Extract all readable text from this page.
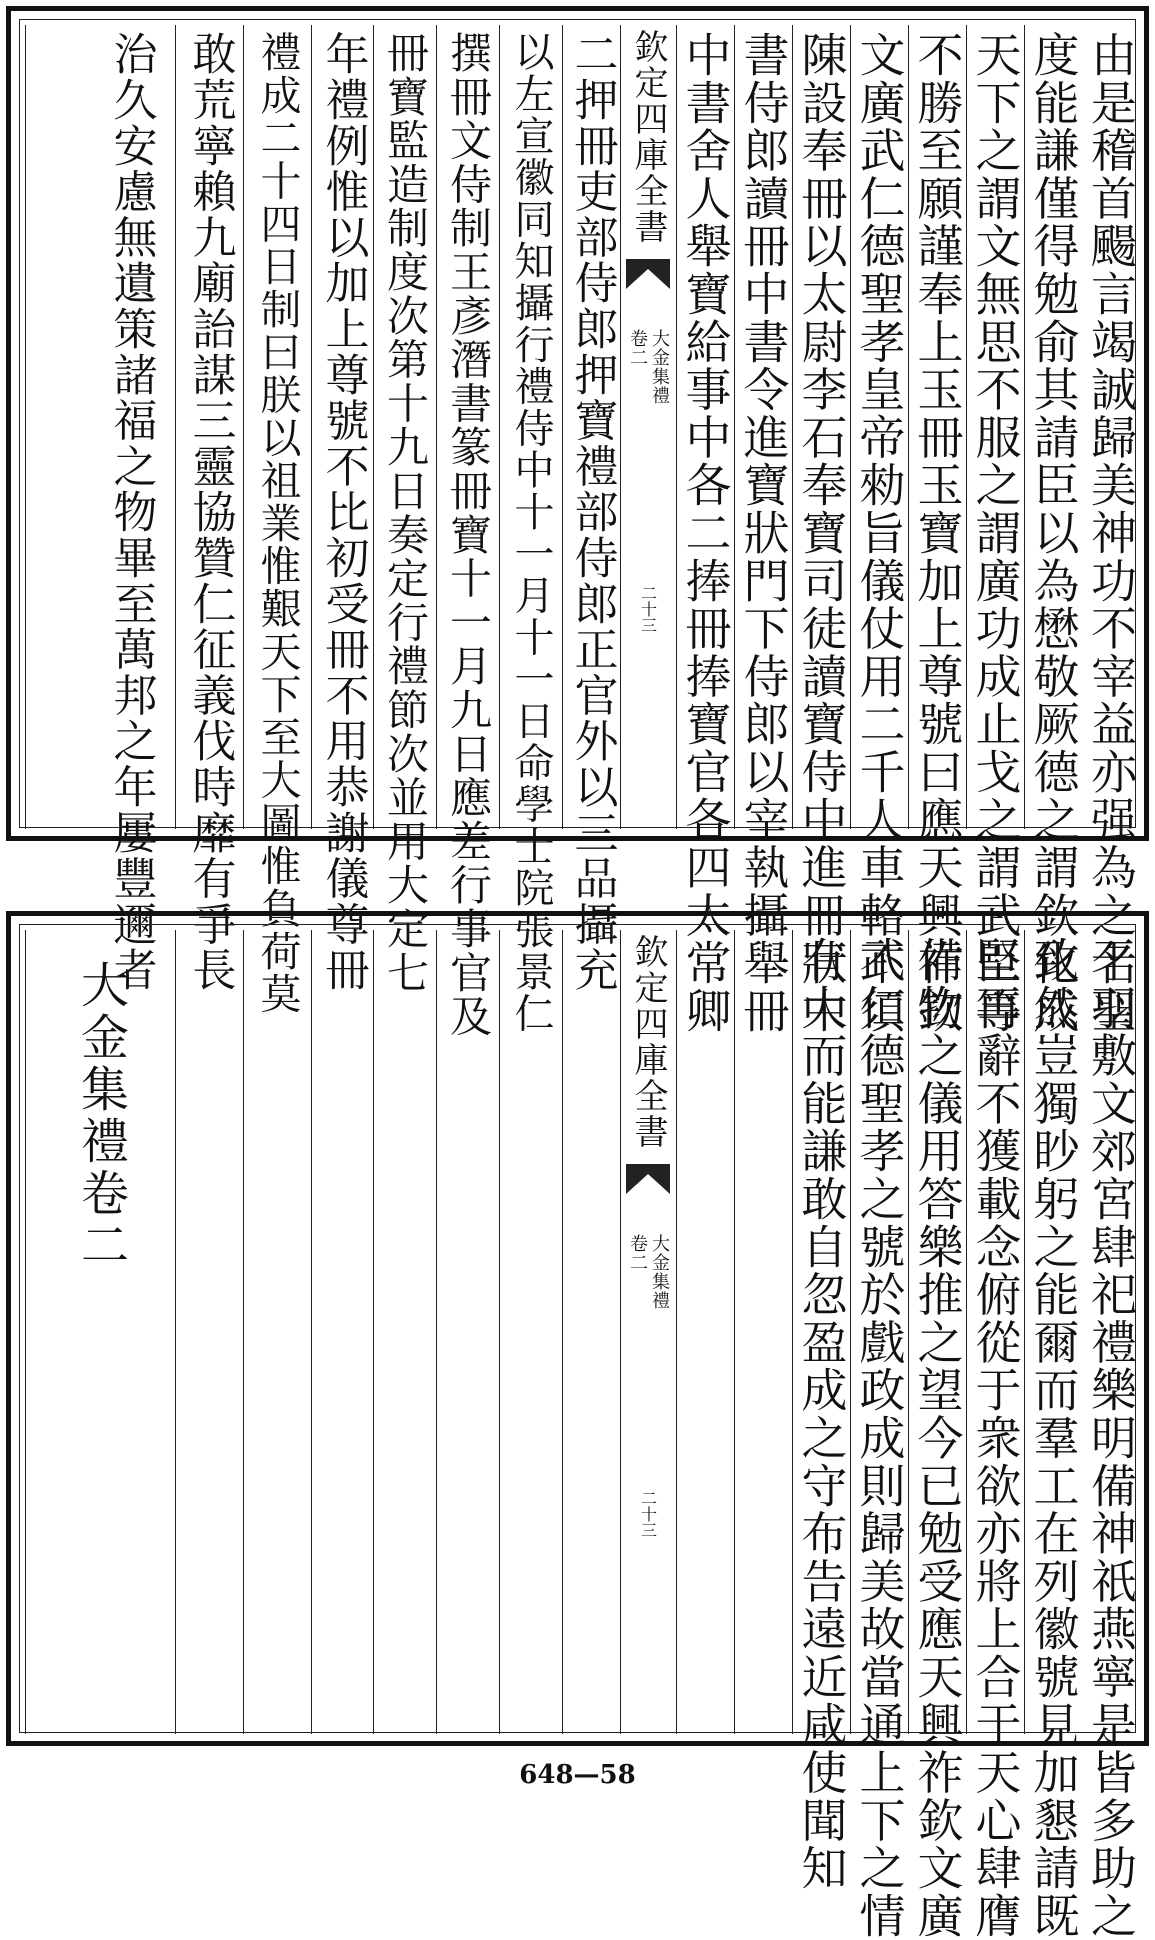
由是稽首颺言竭誠歸美神功不宰益亦强為之名聖
度能謙僅得勉俞其請臣以為懋敬厥德之謂欽化成
天下之謂文無思不服之謂廣功成止戈之謂武臣等
不勝至願謹奉上玉冊玉寶加上尊號曰應天興祚欽
文廣武仁德聖孝皇帝勑旨儀仗用二千人車輅不須
陳設奉冊以太尉李石奉寶司徒讀寶侍中進冊狀中
書侍郎讀冊中書令進寶狀門下侍郎以宰執攝舉冊
中書舍人舉寶給事中各二捧冊捧寶官各四太常卿
欽定四庫全書
大金集禮
卷二
二十三
二押冊吏部侍郎押寶禮部侍郎正官外以三品攝充
以左宣徽同知攝行禮侍中十一月十一日命學士院張景仁
撰冊文侍制王彥潛書篆冊寶十一月九日應差行事官及
冊寶監造制度次第十九日奏定行禮節次並用大定七
年禮例惟以加上尊號不比初受冊不用恭謝儀尊冊
禮成二十四日制曰朕以祖業惟艱天下至大圖惟負荷莫
敢荒寧賴九廟詒謀三靈協贊仁征義伐時靡有爭長
治久安慮無遺策諸福之物畢至萬邦之年屢豐邇者
干羽敷文郊宮肆祀禮樂明備神祇燕寧是皆多助之
致然豈獨眇躬之能爾而羣工在列徽號見加懇請既
堅再辭不獲載念俯從于衆欲亦將上合于天心肆膺
備物之儀用答樂推之望今已勉受應天興祚欽文廣
武仁德聖孝之號於戲政成則歸美故當通上下之情
有大而能謙敢自忽盈成之守布告遠近咸使聞知
欽定四庫全書
大金集禮
卷二
二十三
大金集禮卷二
648—58
